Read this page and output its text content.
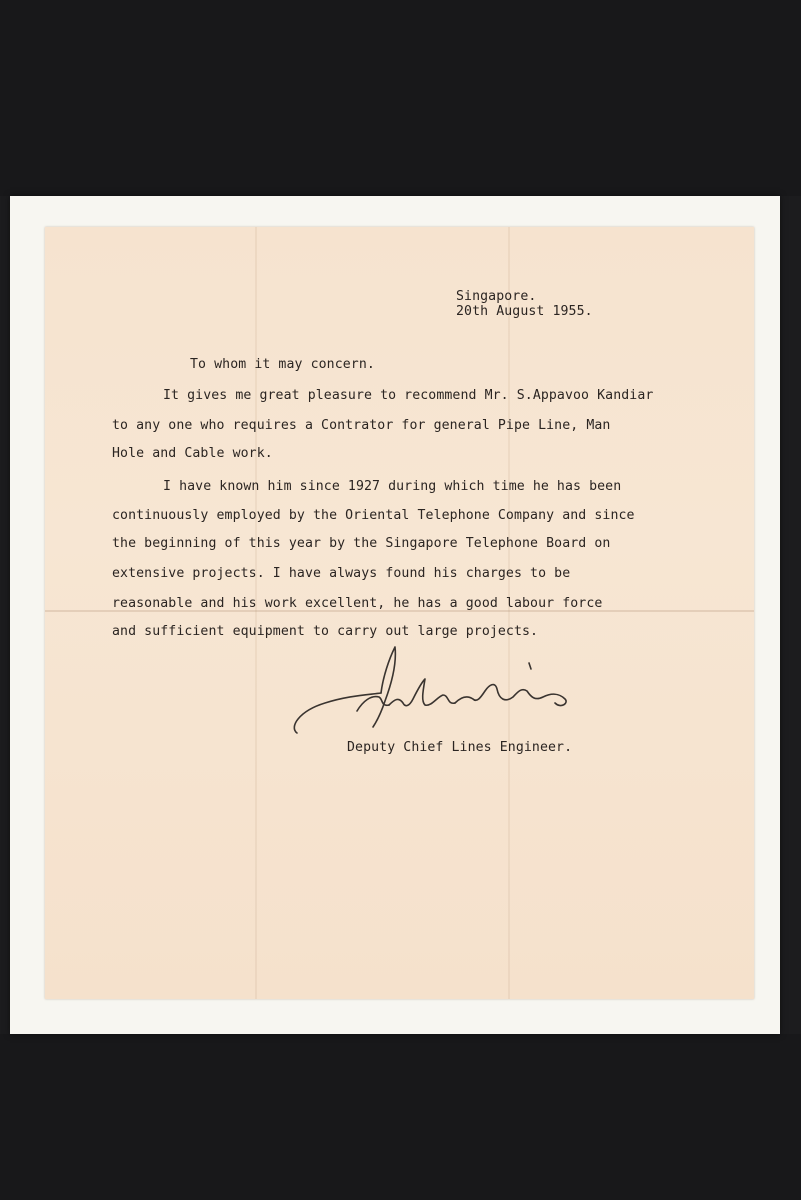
Singapore.
20th August 1955.
To whom it may concern.
It gives me great pleasure to recommend Mr. S.Appavoo Kandiar
to any one who requires a Contrator for general Pipe Line, Man
Hole and Cable work.
I have known him since 1927 during which time he has been
continuously employed by the Oriental Telephone Company and since
the beginning of this year by the Singapore Telephone Board on
extensive projects. I have always found his charges to be
reasonable and his work excellent, he has a good labour force
and sufficient equipment to carry out large projects.
Deputy Chief Lines Engineer.
